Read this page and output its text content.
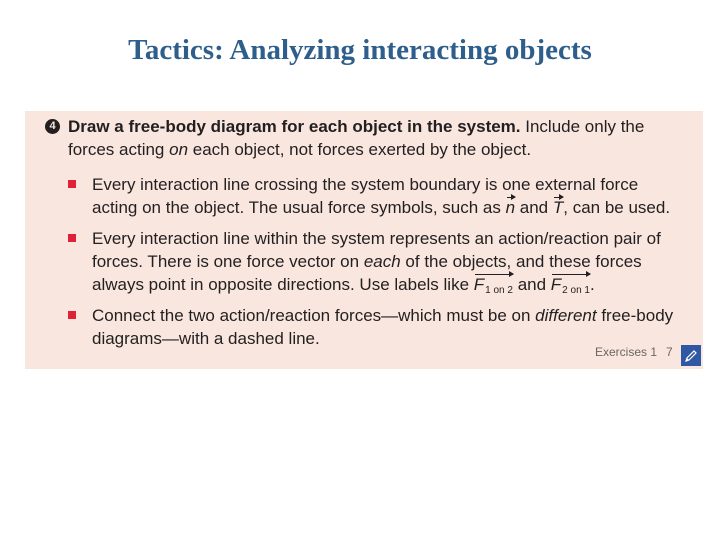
Tactics: Analyzing interacting objects
4 Draw a free-body diagram for each object in the system. Include only the forces acting on each object, not forces exerted by the object.
Every interaction line crossing the system boundary is one external force acting on the object. The usual force symbols, such as n and T, can be used.
Every interaction line within the system represents an action/reaction pair of forces. There is one force vector on each of the objects, and these forces always point in opposite directions. Use labels like $F_{1 on 2}$ and $F_{2 on 1}$.
Connect the two action/reaction forces—which must be on different free-body diagrams—with a dashed line.
Exercises 1 7
